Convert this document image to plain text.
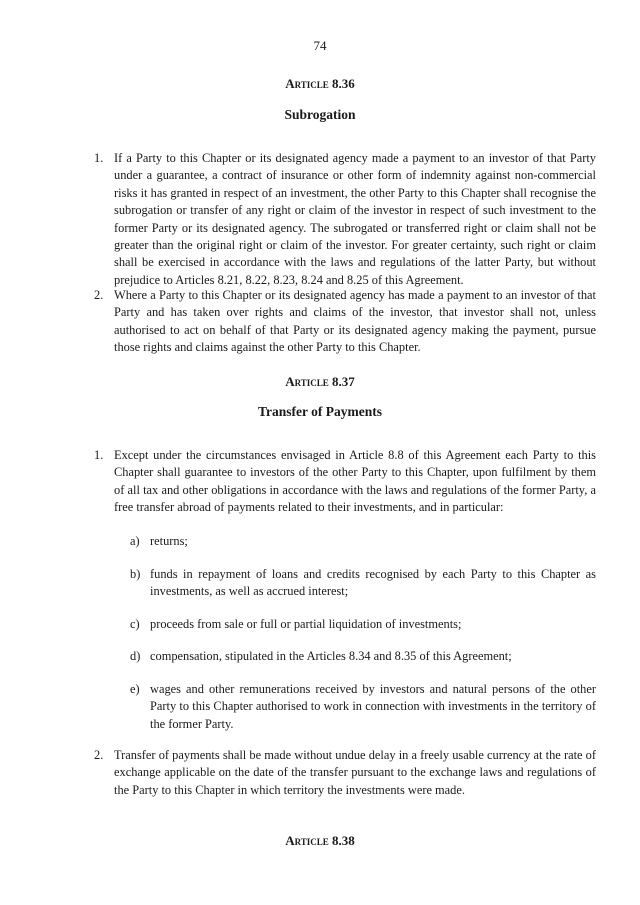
74
Article 8.36
Subrogation
1. If a Party to this Chapter or its designated agency made a payment to an investor of that Party under a guarantee, a contract of insurance or other form of indemnity against non-commercial risks it has granted in respect of an investment, the other Party to this Chapter shall recognise the subrogation or transfer of any right or claim of the investor in respect of such investment to the former Party or its designated agency. The subrogated or transferred right or claim shall not be greater than the original right or claim of the investor. For greater certainty, such right or claim shall be exercised in accordance with the laws and regulations of the latter Party, but without prejudice to Articles 8.21, 8.22, 8.23, 8.24 and 8.25 of this Agreement.

2. Where a Party to this Chapter or its designated agency has made a payment to an investor of that Party and has taken over rights and claims of the investor, that investor shall not, unless authorised to act on behalf of that Party or its designated agency making the payment, pursue those rights and claims against the other Party to this Chapter.

Article 8.37
Transfer of Payments
1. Except under the circumstances envisaged in Article 8.8 of this Agreement each Party to this Chapter shall guarantee to investors of the other Party to this Chapter, upon fulfilment by them of all tax and other obligations in accordance with the laws and regulations of the former Party, a free transfer abroad of payments related to their investments, and in particular:

a) returns;

b) funds in repayment of loans and credits recognised by each Party to this Chapter as investments, as well as accrued interest;

c) proceeds from sale or full or partial liquidation of investments;

d) compensation, stipulated in the Articles 8.34 and 8.35 of this Agreement;

e) wages and other remunerations received by investors and natural persons of the other Party to this Chapter authorised to work in connection with investments in the territory of the former Party.

2. Transfer of payments shall be made without undue delay in a freely usable currency at the rate of exchange applicable on the date of the transfer pursuant to the exchange laws and regulations of the Party to this Chapter in which territory the investments were made.

Article 8.38
